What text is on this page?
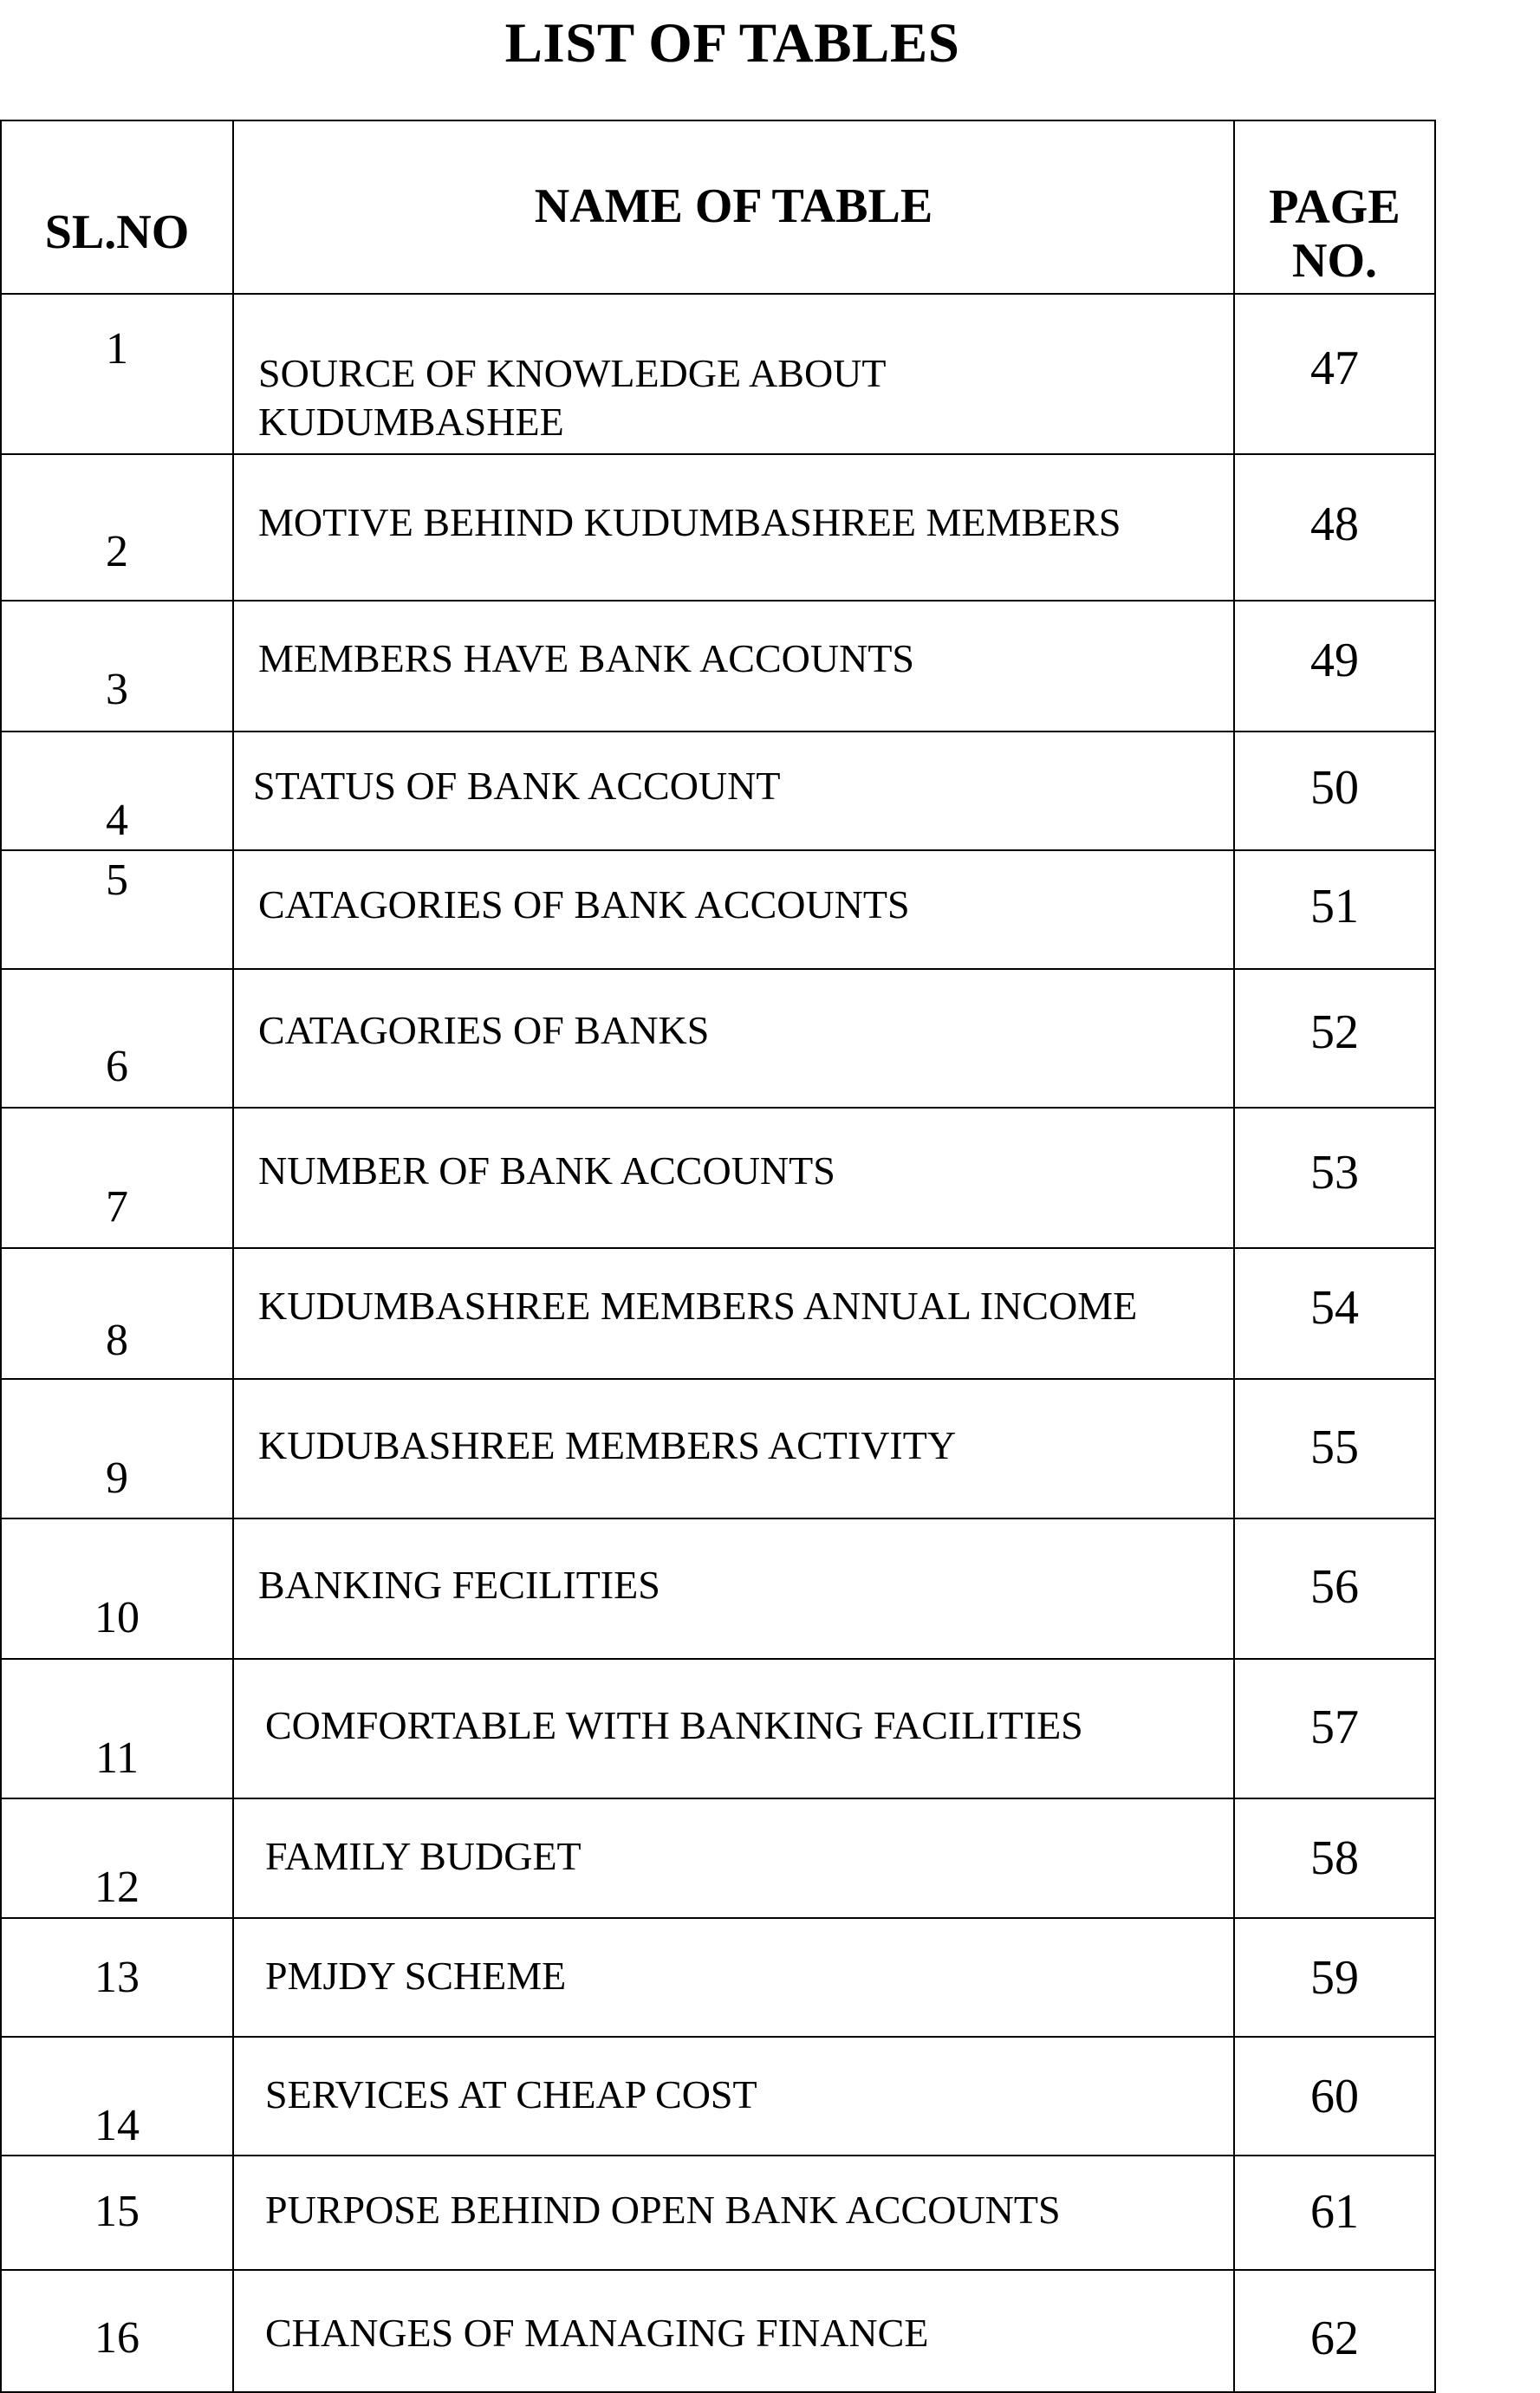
LIST OF TABLES
SL.NO	NAME OF TABLE	PAGE
NO.

1	SOURCE OF KNOWLEDGE ABOUT
KUDUMBASHEE	47

2	MOTIVE BEHIND KUDUMBASHREE MEMBERS	48

3	MEMBERS HAVE BANK ACCOUNTS	49

4	STATUS OF BANK ACCOUNT	50

5	CATAGORIES OF BANK ACCOUNTS	51

6	CATAGORIES OF BANKS	52

7	NUMBER OF BANK ACCOUNTS	53

8	KUDUMBASHREE MEMBERS ANNUAL INCOME	54

9	KUDUBASHREE MEMBERS ACTIVITY	55

10	BANKING FECILITIES	56

11	COMFORTABLE WITH BANKING FACILITIES	57

12	FAMILY BUDGET	58

13	PMJDY SCHEME	59

14	SERVICES AT CHEAP COST	60

15	PURPOSE BEHIND OPEN BANK ACCOUNTS	61

16	CHANGES OF MANAGING FINANCE	62
